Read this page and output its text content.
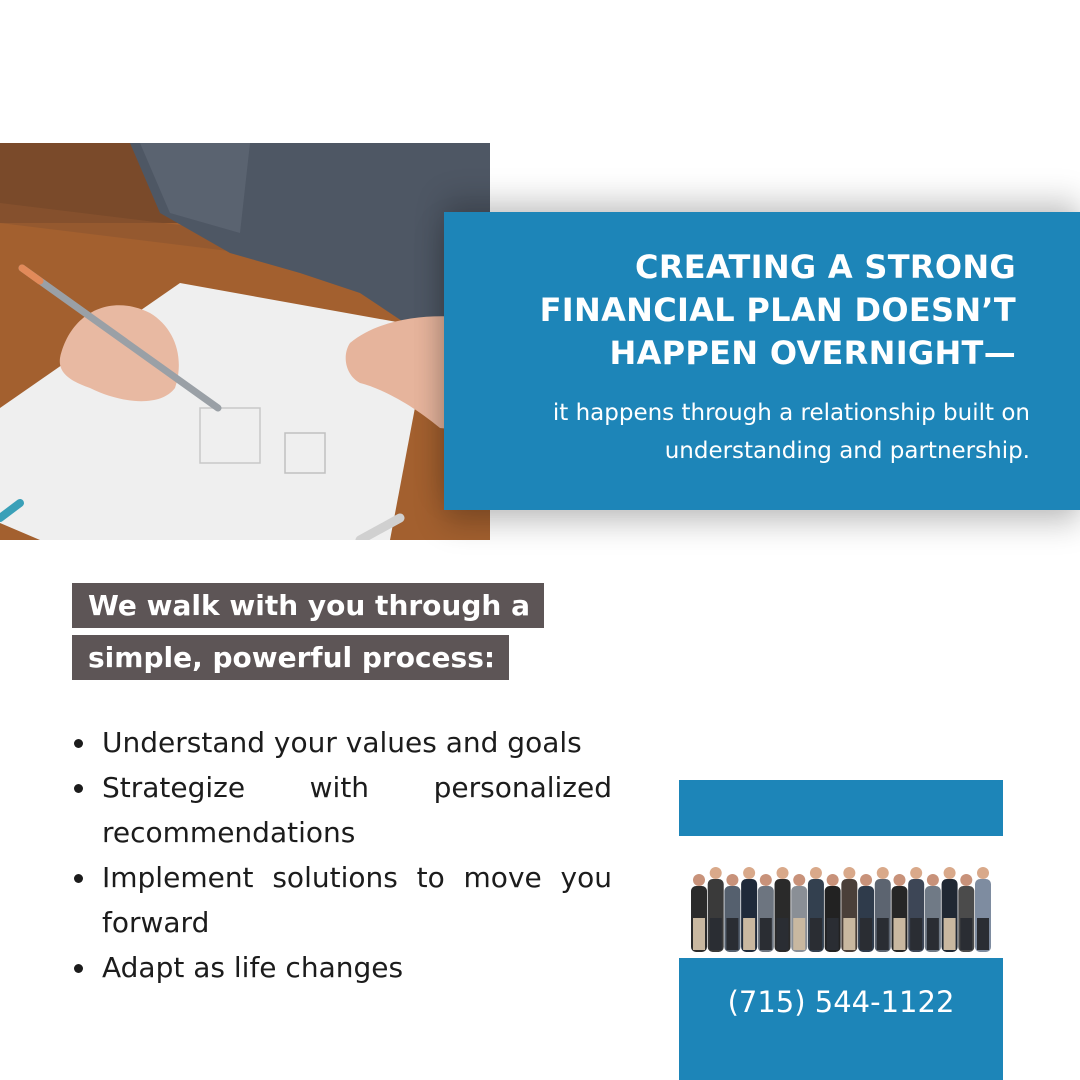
CREATING A STRONG FINANCIAL PLAN DOESN’T HAPPEN OVERNIGHT—
it happens through a relationship built on understanding and partnership.
We walk with you through a simple, powerful process:
Understand your values and goals
Strategize with personalized recommendations
Implement solutions to move you forward
Adapt as life changes
(715) 544-1122
